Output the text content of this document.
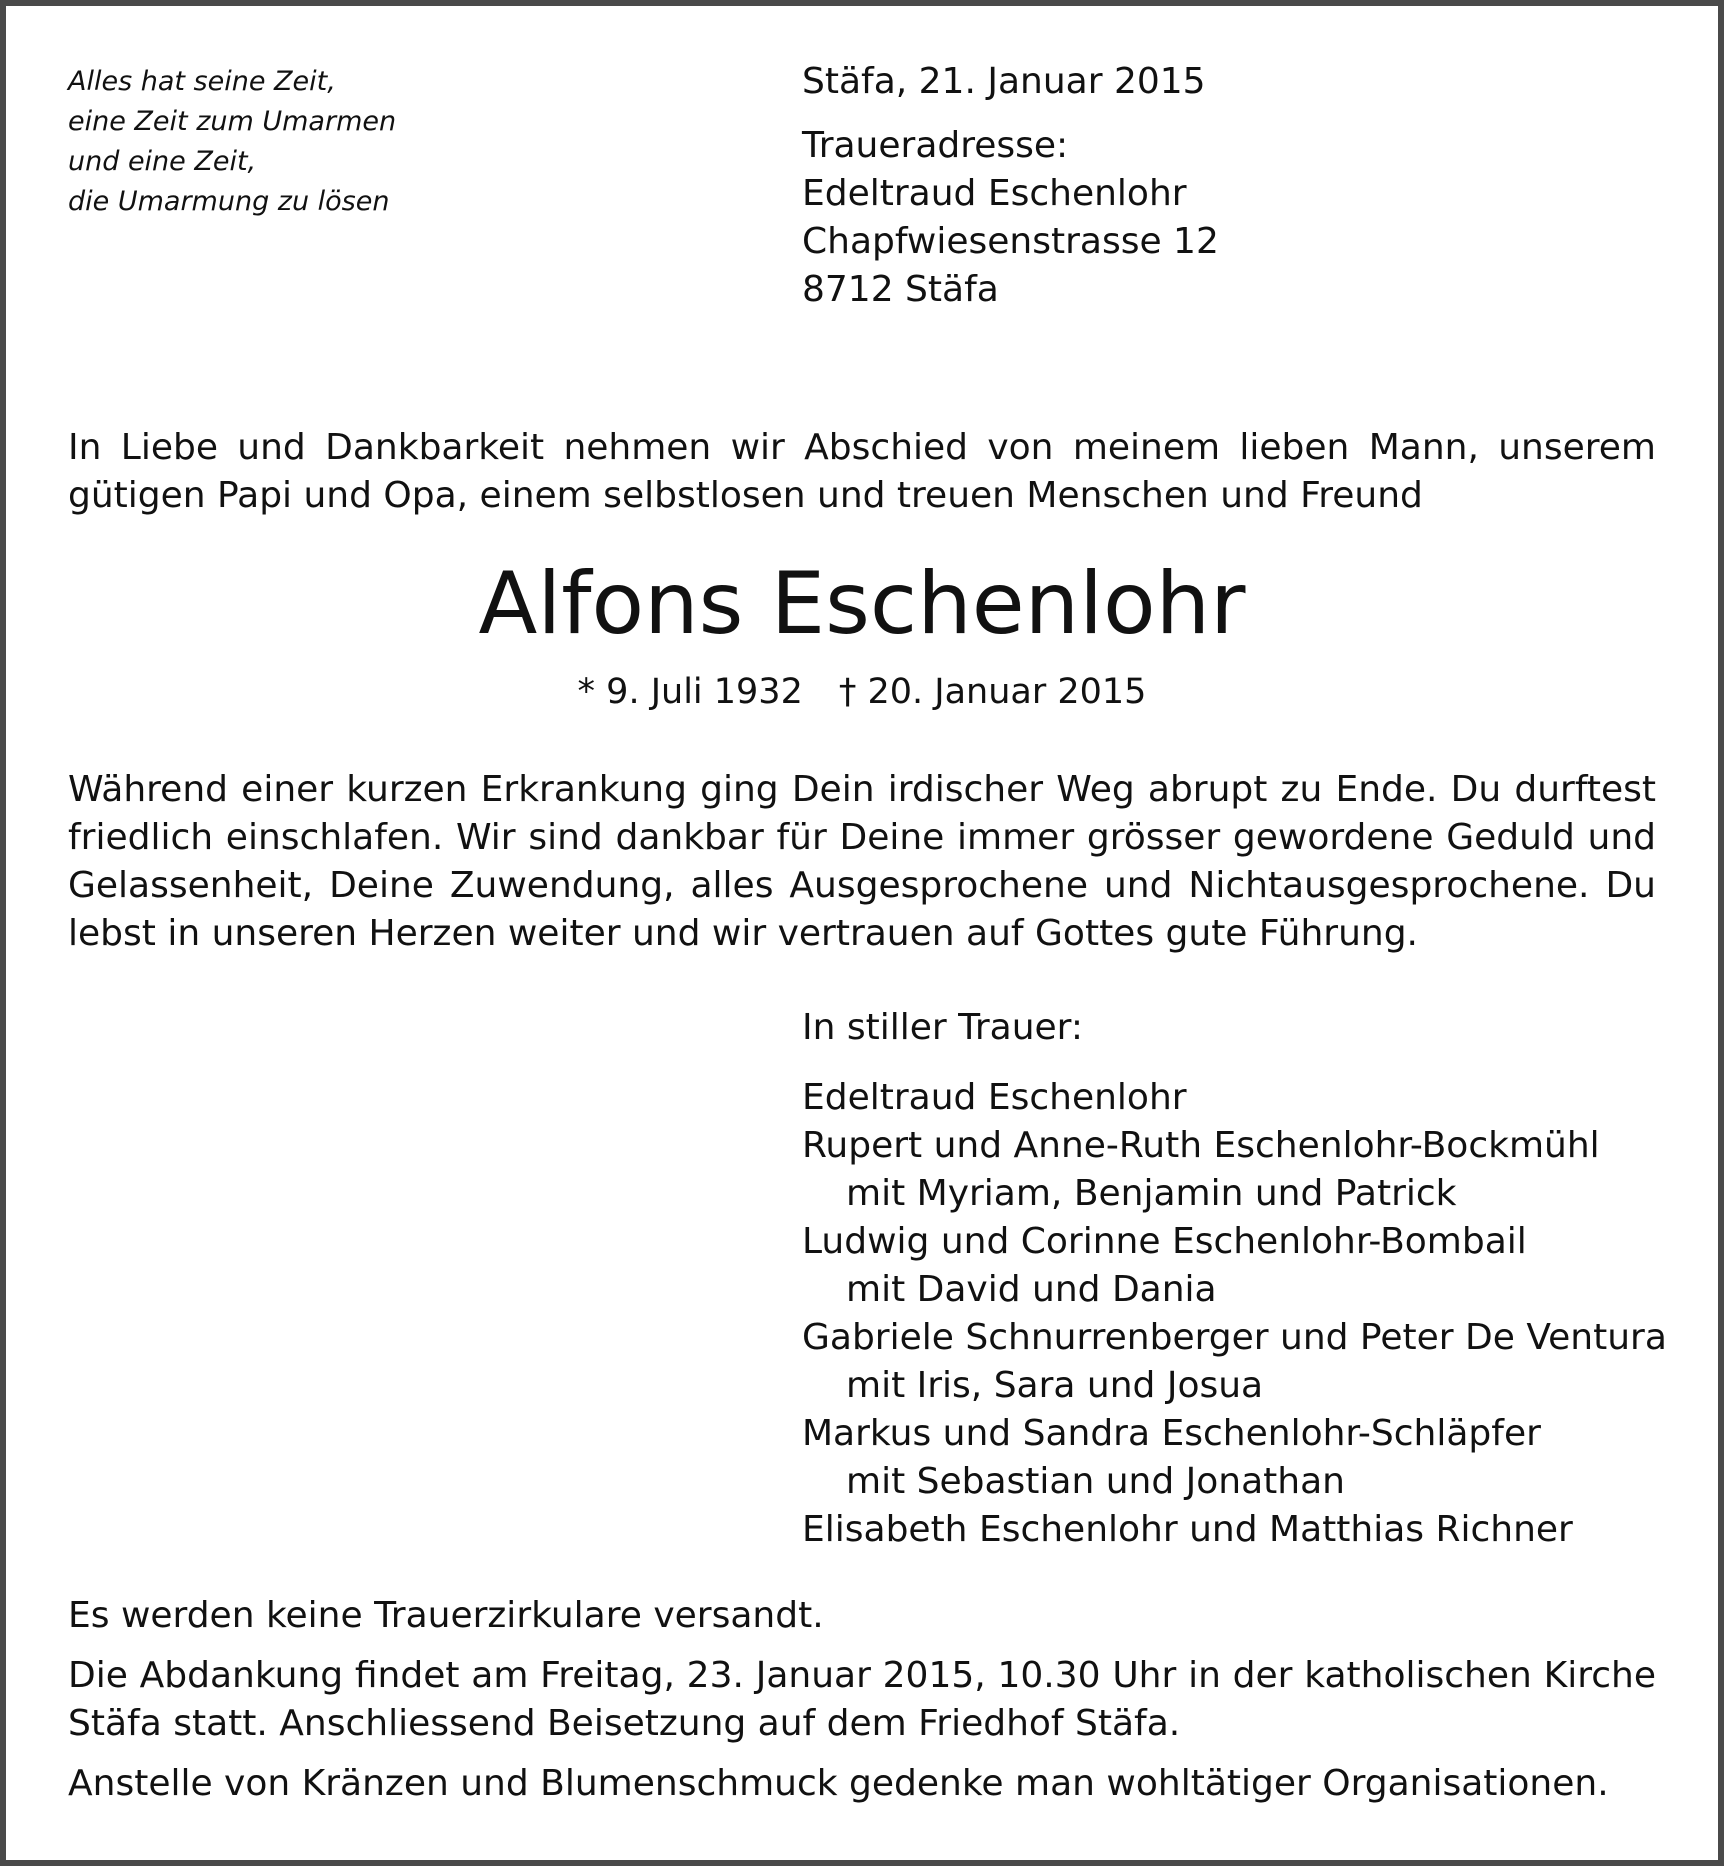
Alles hat seine Zeit,
eine Zeit zum Umarmen
und eine Zeit,
die Umarmung zu lösen
Stäfa, 21. Januar 2015
Traueradresse:
Edeltraud Eschenlohr
Chapfwiesenstrasse 12
8712 Stäfa
In Liebe und Dankbarkeit nehmen wir Abschied von meinem lieben Mann, unserem gütigen Papi und Opa, einem selbstlosen und treuen Menschen und Freund
Alfons Eschenlohr
* 9. Juli 1932 † 20. Januar 2015
Während einer kurzen Erkrankung ging Dein irdischer Weg abrupt zu Ende. Du durftest friedlich einschlafen. Wir sind dankbar für Deine immer grösser gewordene Geduld und Gelassenheit, Deine Zuwendung, alles Ausgesprochene und Nichtausgesprochene. Du lebst in unseren Herzen weiter und wir vertrauen auf Gottes gute Führung.
In stiller Trauer:
Edeltraud Eschenlohr
Rupert und Anne-Ruth Eschenlohr-Bockmühl
mit Myriam, Benjamin und Patrick
Ludwig und Corinne Eschenlohr-Bombail
mit David und Dania
Gabriele Schnurrenberger und Peter De Ventura
mit Iris, Sara und Josua
Markus und Sandra Eschenlohr-Schläpfer
mit Sebastian und Jonathan
Elisabeth Eschenlohr und Matthias Richner

Es werden keine Trauerzirkulare versandt.

Die Abdankung findet am Freitag, 23. Januar 2015, 10.30 Uhr in der katholischen Kirche Stäfa statt. Anschliessend Beisetzung auf dem Friedhof Stäfa.

Anstelle von Kränzen und Blumenschmuck gedenke man wohltätiger Organisationen.
